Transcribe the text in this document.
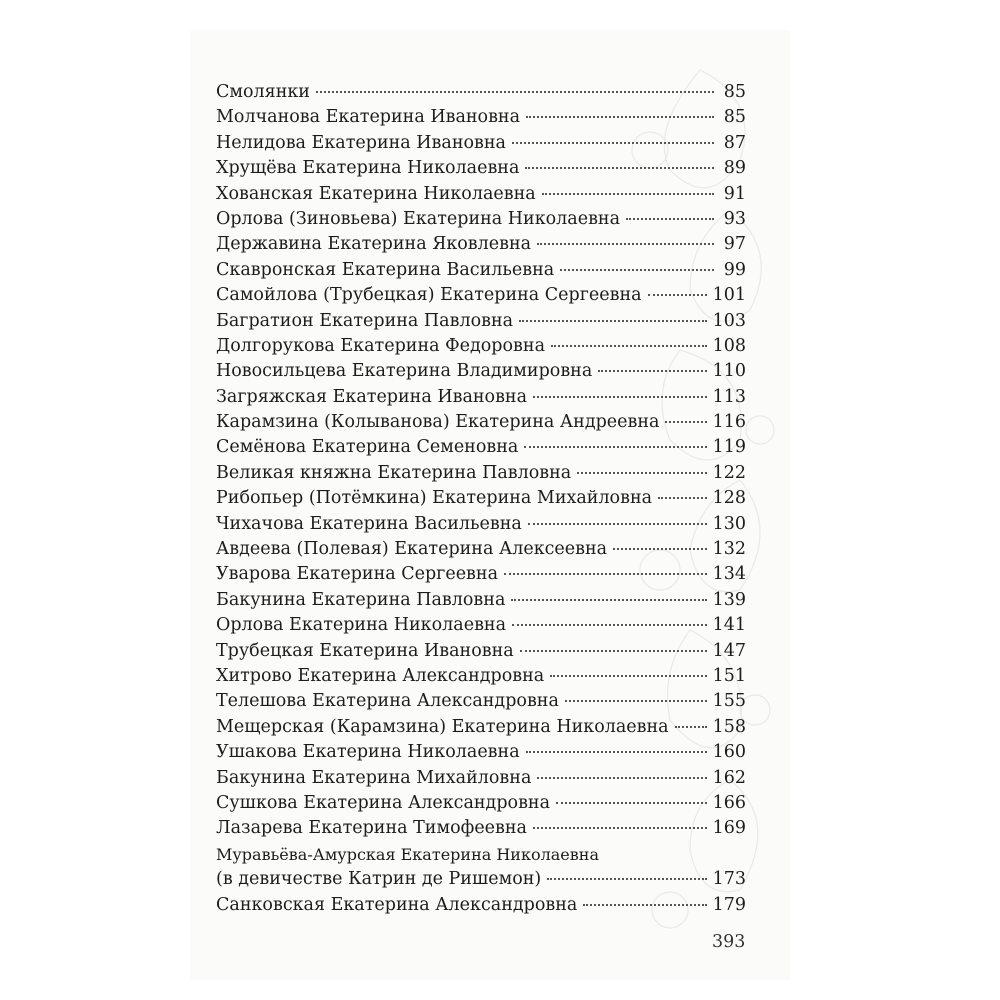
Смолянки	85
Молчанова Екатерина Ивановна	85
Нелидова Екатерина Ивановна	87
Хрущёва Екатерина Николаевна	89
Хованская Екатерина Николаевна	91
Орлова (Зиновьева) Екатерина Николаевна	93
Державина Екатерина Яковлевна	97
Скавронская Екатерина Васильевна	99
Самойлова (Трубецкая) Екатерина Сергеевна	101
Багратион Екатерина Павловна	103
Долгорукова Екатерина Федоровна	108
Новосильцева Екатерина Владимировна	110
Загряжская Екатерина Ивановна	113
Карамзина (Колыванова) Екатерина Андреевна	116
Семёнова Екатерина Семеновна	119
Великая княжна Екатерина Павловна	122
Рибопьер (Потёмкина) Екатерина Михайловна	128
Чихачова Екатерина Васильевна	130
Авдеева (Полевая) Екатерина Алексеевна	132
Уварова Екатерина Сергеевна	134
Бакунина Екатерина Павловна	139
Орлова Екатерина Николаевна	141
Трубецкая Екатерина Ивановна	147
Хитрово Екатерина Александровна	151
Телешова Екатерина Александровна	155
Мещерская (Карамзина) Екатерина Николаевна	158
Ушакова Екатерина Николаевна	160
Бакунина Екатерина Михайловна	162
Сушкова Екатерина Александровна	166
Лазарева Екатерина Тимофеевна	169
Муравьёва-Амурская Екатерина Николаевна
(в девичестве Катрин де Ришемон)	173
Санковская Екатерина Александровна	179
393
